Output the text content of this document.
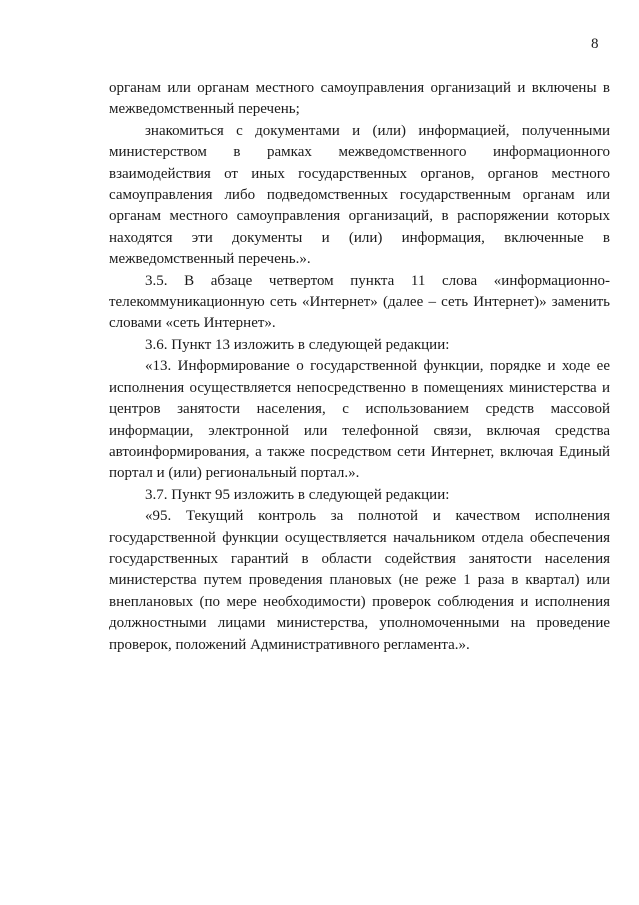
8

органам или органам местного самоуправления организаций и включены в межведомственный перечень;

знакомиться с документами и (или) информацией, полученными министерством в рамках межведомственного информационного взаимодействия от иных государственных органов, органов местного самоуправления либо подведомственных государственным органам или органам местного самоуправления организаций, в распоряжении которых находятся эти документы и (или) информация, включенные в межведомственный перечень.».

3.5. В абзаце четвертом пункта 11 слова «информационно-телекоммуникационную сеть «Интернет» (далее – сеть Интернет)» заменить словами «сеть Интернет».

3.6. Пункт 13 изложить в следующей редакции:

«13. Информирование о государственной функции, порядке и ходе ее исполнения осуществляется непосредственно в помещениях министерства и центров занятости населения, с использованием средств массовой информации, электронной или телефонной связи, включая средства автоинформирования, а также посредством сети Интернет, включая Единый портал и (или) региональный портал.».

3.7. Пункт 95 изложить в следующей редакции:

«95. Текущий контроль за полнотой и качеством исполнения государственной функции осуществляется начальником отдела обеспечения государственных гарантий в области содействия занятости населения министерства путем проведения плановых (не реже 1 раза в квартал) или внеплановых (по мере необходимости) проверок соблюдения и исполнения должностными лицами министерства, уполномоченными на проведение проверок, положений Административного регламента.».
